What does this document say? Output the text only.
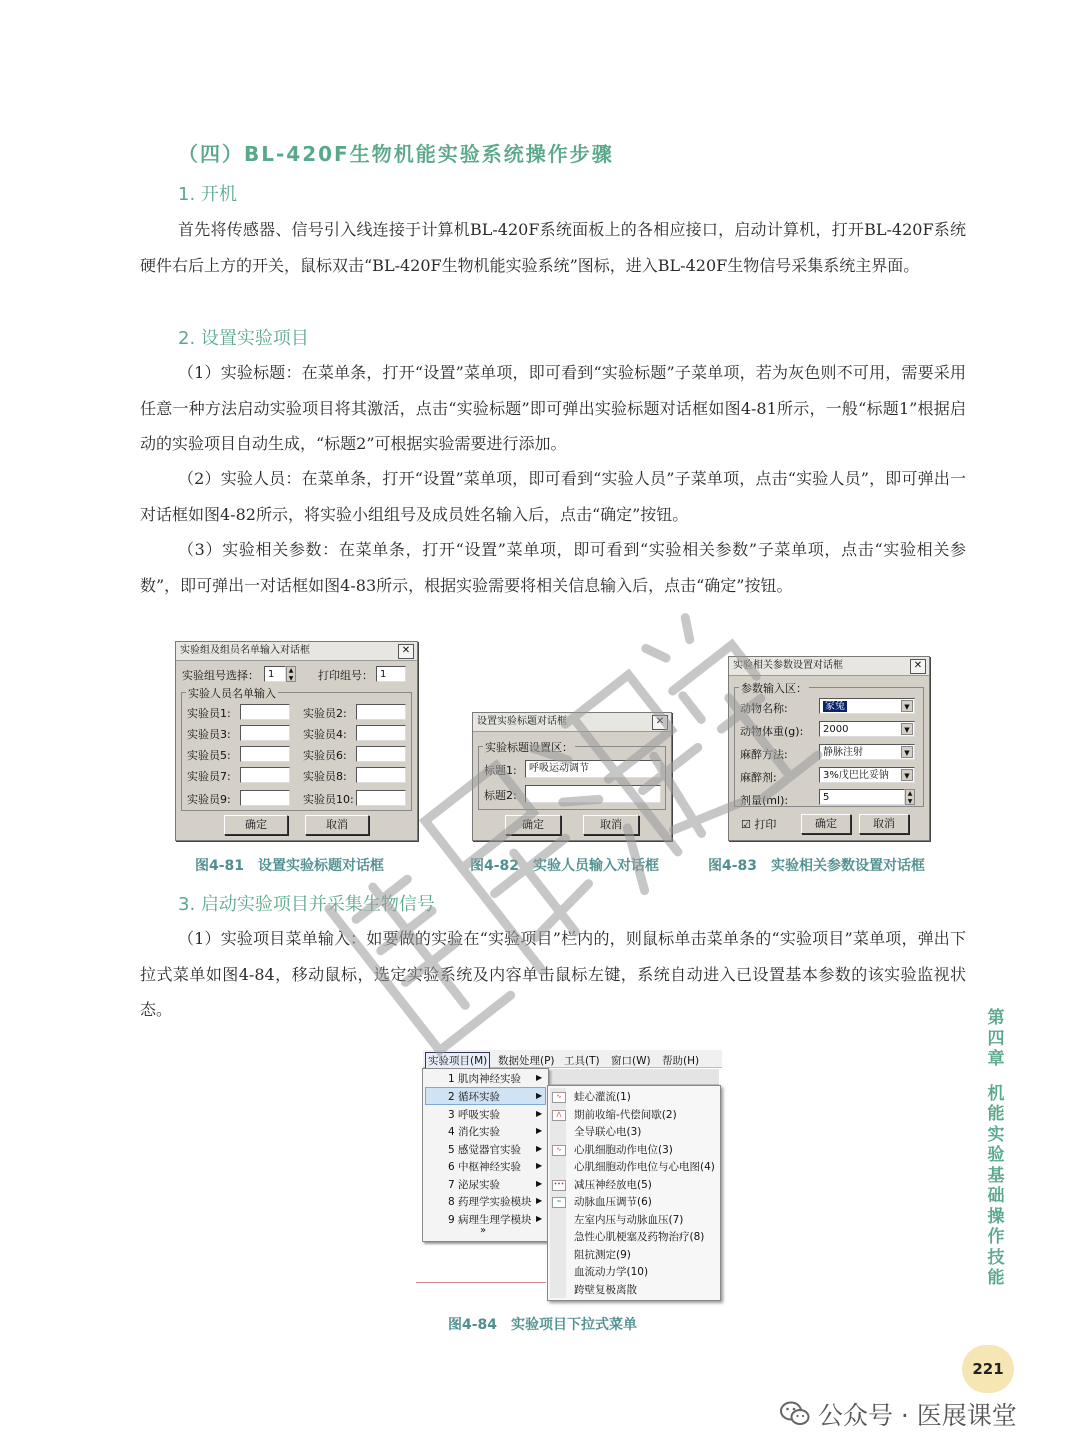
（四）BL-420F生物机能实验系统操作步骤
1. 开机
首先将传感器、信号引入线连接于计算机BL-420F系统面板上的各相应接口，启动计算机，打开BL-420F系统硬件右后上方的开关，鼠标双击“BL-420F生物机能实验系统”图标，进入BL-420F生物信号采集系统主界面。
2. 设置实验项目
（1）实验标题：在菜单条，打开“设置”菜单项，即可看到“实验标题”子菜单项，若为灰色则不可用，需要采用任意一种方法启动实验项目将其激活，点击“实验标题”即可弹出实验标题对话框如图4-81所示，一般“标题1”根据启动的实验项目自动生成，“标题2”可根据实验需要进行添加。
（2）实验人员：在菜单条，打开“设置”菜单项，即可看到“实验人员”子菜单项，点击“实验人员”，即可弹出一对话框如图4-82所示，将实验小组组号及成员姓名输入后，点击“确定”按钮。
（3）实验相关参数：在菜单条，打开“设置”菜单项，即可看到“实验相关参数”子菜单项，点击“实验相关参数”，即可弹出一对话框如图4-83所示，根据实验需要将相关信息输入后，点击“确定”按钮。
实验组及组员名单输入对话框	✕
实验组号选择： 1	▲
▼ 打印组号： 1
实验人员名单输入
实验员1:	实验员2:
实验员3:	实验员4:
实验员5:	实验员6:
实验员7:	实验员8:
实验员9:	实验员10:
确定	取消
设置实验标题对话框	✕
实验标题设置区：
标题1:	呼吸运动调节
标题2:
确定	取消
实验相关参数设置对话框	✕
参数输入区：
动物名称:	家兔	▼
动物体重(g):	2000	▼
麻醉方法:	静脉注射	▼
麻醉剂:	3%戊巴比妥钠	▼
剂量(ml):	5	▲
▼
☑ 打印	确定	取消
图4-81　设置实验标题对话框	图4-82　实验人员输入对话框	图4-83　实验相关参数设置对话框
3. 启动实验项目并采集生物信号
（1）实验项目菜单输入：如要做的实验在“实验项目”栏内的，则鼠标单击菜单条的“实验项目”菜单项，弹出下拉式菜单如图4-84，移动鼠标，选定实验系统及内容单击鼠标左键，系统自动进入已设置基本参数的该实验监视状态。
实验项目(M) 数据处理(P) 工具(T) 窗口(W) 帮助(H)
1 肌肉神经实验
2 循环实验
3 呼吸实验
4 消化实验
5 感觉器官实验
6 中枢神经实验
7 泌尿实验
8 药理学实验模块
9 病理生理学模块
»
▶
▶
▶
▶
▶
▶
▶
▶
▶
∿
⋀
∿
•••
≈
蛙心灌流(1)
期前收缩-代偿间歇(2)
全导联心电(3)
心肌细胞动作电位(3)
心肌细胞动作电位与心电图(4)
减压神经放电(5)
动脉血压调节(6)
左室内压与动脉血压(7)
急性心肌梗塞及药物治疗(8)
阻抗测定(9)
血流动力学(10)
跨壁复极离散
图4-84　实验项目下拉式菜单
第
四
章
机
能
实
验
基
础
操
作
技
能
221
公众号 · 医展课堂
